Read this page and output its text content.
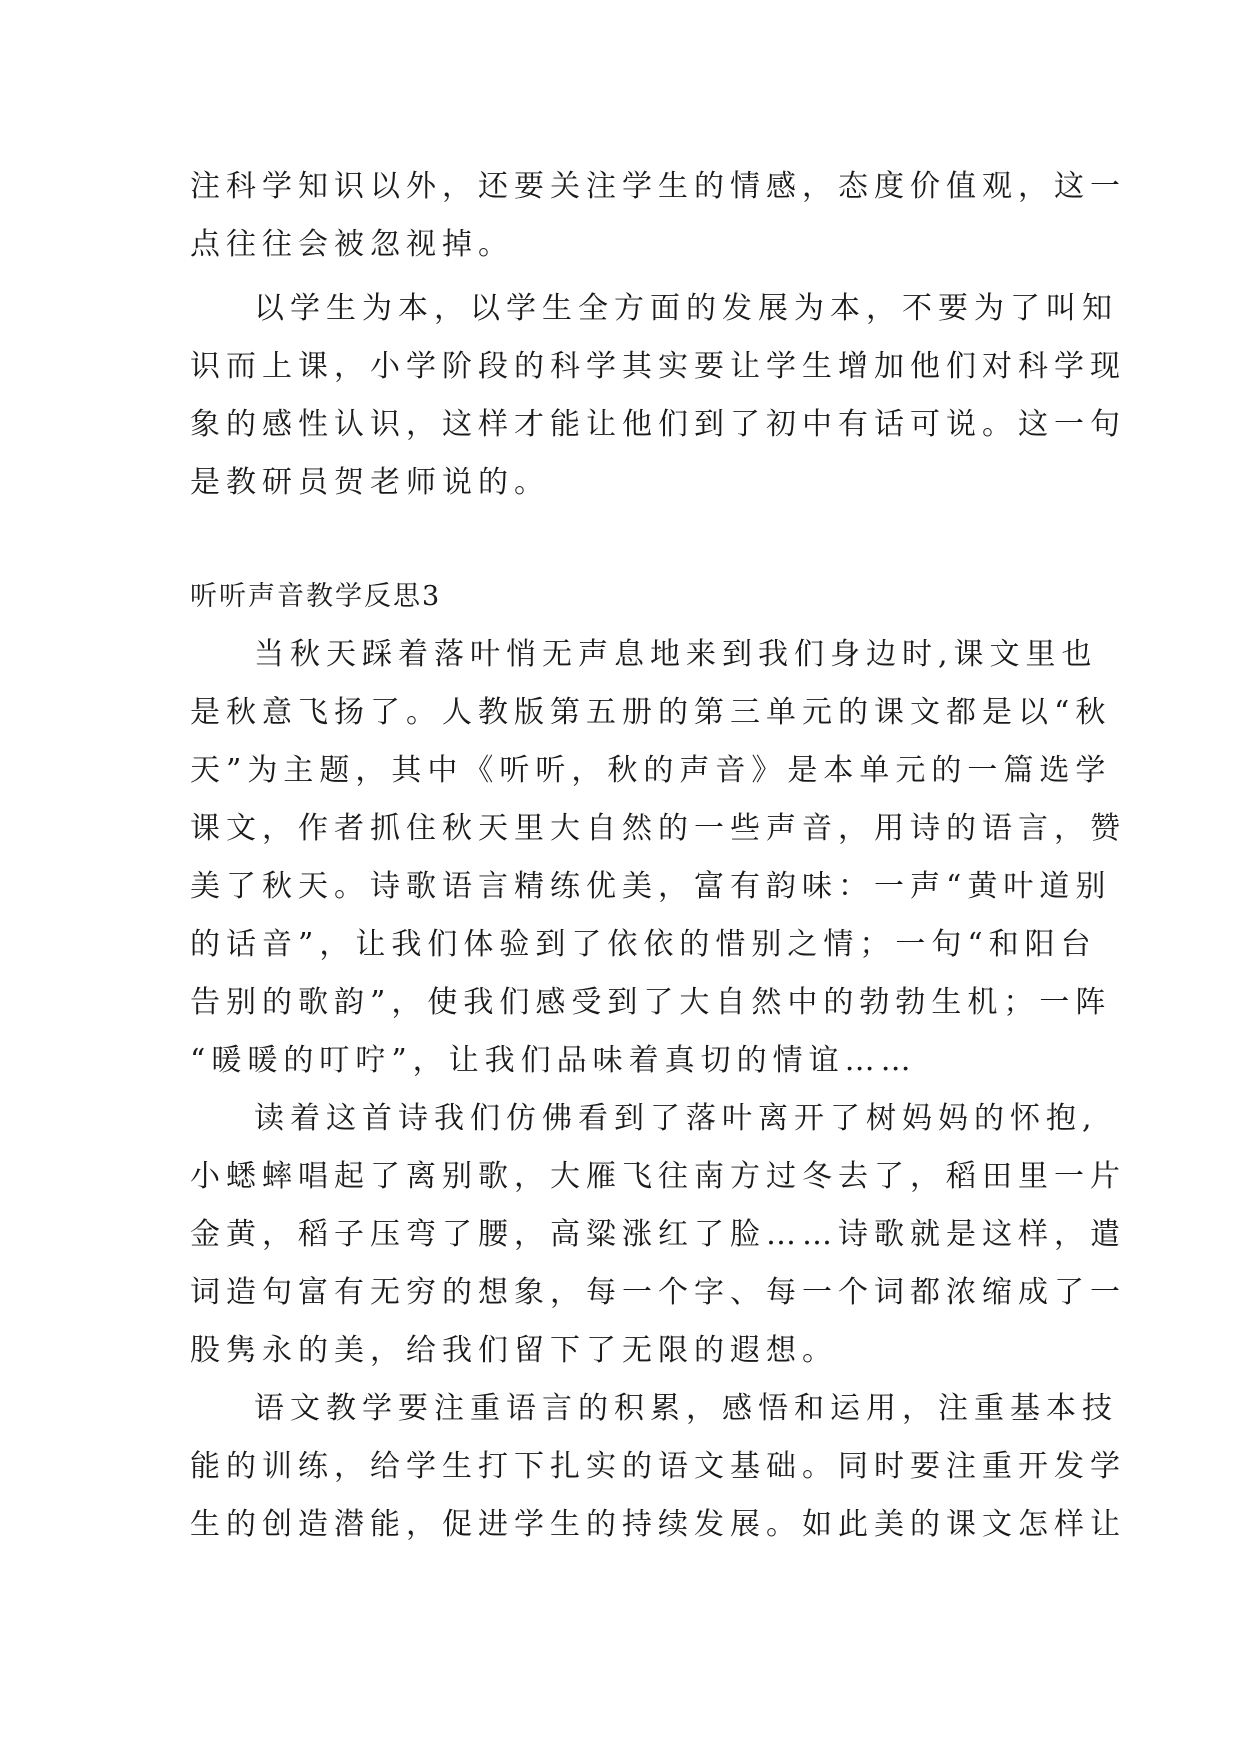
注科学知识以外，还要关注学生的情感，态度价值观，这一
点往往会被忽视掉。
以学生为本，以学生全方面的发展为本，不要为了叫知
识而上课，小学阶段的科学其实要让学生增加他们对科学现
象的感性认识，这样才能让他们到了初中有话可说。这一句
是教研员贺老师说的。
听听声音教学反思3
当秋天踩着落叶悄无声息地来到我们身边时,课文里也
是秋意飞扬了。人教版第五册的第三单元的课文都是以“秋
天”为主题，其中《听听，秋的声音》是本单元的一篇选学
课文，作者抓住秋天里大自然的一些声音，用诗的语言，赞
美了秋天。诗歌语言精练优美，富有韵味：一声“黄叶道别
的话音”，让我们体验到了依依的惜别之情；一句“和阳台
告别的歌韵”，使我们感受到了大自然中的勃勃生机；一阵
“暖暖的叮咛”，让我们品味着真切的情谊……
读着这首诗我们仿佛看到了落叶离开了树妈妈的怀抱,
小蟋蟀唱起了离别歌，大雁飞往南方过冬去了，稻田里一片
金黄，稻子压弯了腰，高粱涨红了脸……诗歌就是这样，遣
词造句富有无穷的想象，每一个字、每一个词都浓缩成了一
股隽永的美，给我们留下了无限的遐想。
语文教学要注重语言的积累，感悟和运用，注重基本技
能的训练，给学生打下扎实的语文基础。同时要注重开发学
生的创造潜能，促进学生的持续发展。如此美的课文怎样让
